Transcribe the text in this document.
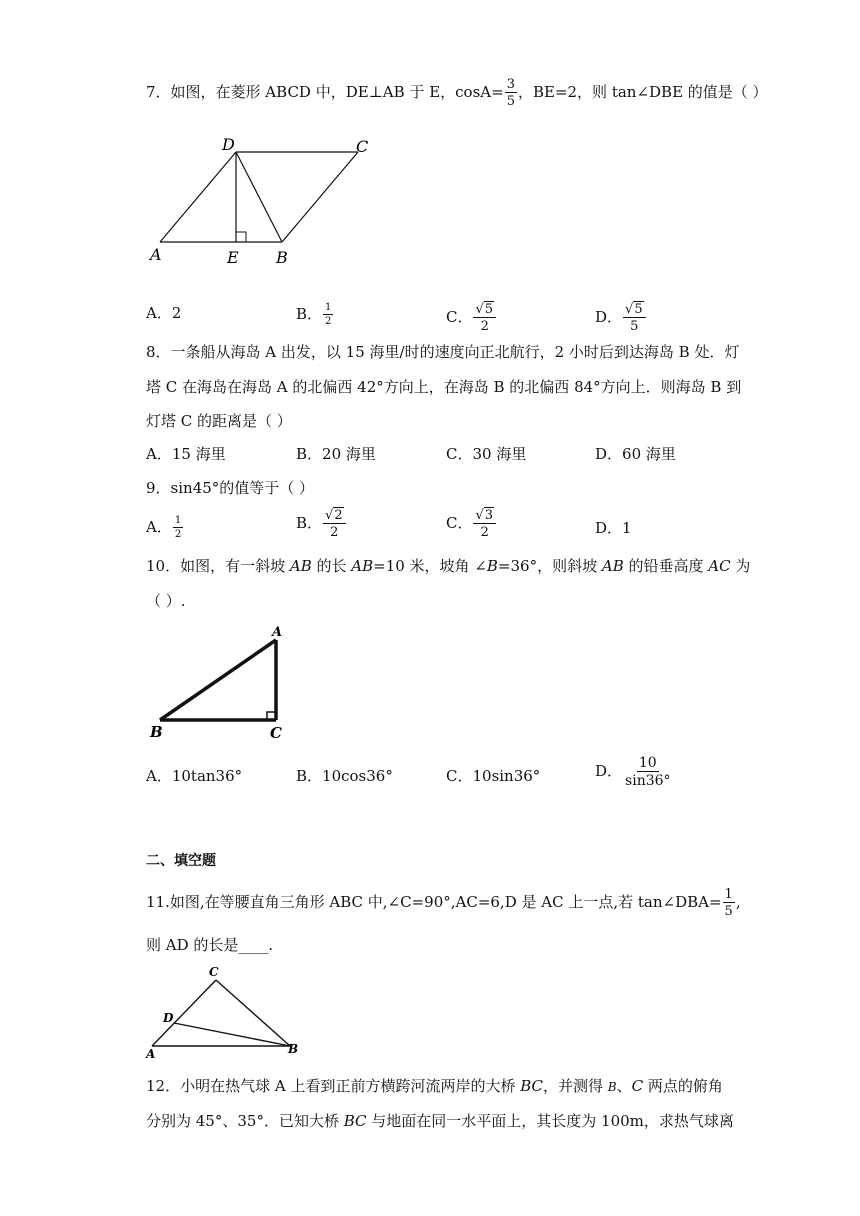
7．如图，在菱形 ABCD 中，DE⊥AB 于 E，$\cos A= \frac{3}{5}$ ，BE=2，则 tan∠DBE 的值是（ ）
D	C
A	E B
A．2	B． $\frac{1}{2}$	C． $\frac{√5}{2}$	D． $\frac{√5}{5}$
8．一条船从海岛 A 出发，以 15 海里/时的速度向正北航行，2 小时后到达海岛 B 处．灯
塔 C 在海岛在海岛 A 的北偏西 42°方向上，在海岛 B 的北偏西 84°方向上．则海岛 B 到
灯塔 C 的距离是（ ）
A．15 海里	B．20 海里	C．30 海里	D．60 海里
9．sin45°的值等于（ ）
A． $\frac{1}{2}$	B． $\frac{√2}{2}$	C． $\frac{√3}{2}$	D．1
10．如图，有一斜坡 AB 的长 AB=10 米，坡角 ∠B=36°，则斜坡 AB 的铅垂高度 AC 为
（ ）.
A
B	C
A．10tan36°	B．10cos36°	C．10sin36°	D． $\frac{10}{\sin 36^\circ}$
二、填空题
11.如图,在等腰直角三角形 ABC 中,∠C=90°,AC=6,D 是 AC 上一点,若 tan∠DBA= $\frac{1}{5}$ ,
则 AD 的长是____.
C
D
A	B
12．小明在热气球 A 上看到正前方横跨河流两岸的大桥 BC，并测得 B、C 两点的俯角
分别为 45°、35°．已知大桥 BC 与地面在同一水平面上，其长度为 100m，求热气球离
